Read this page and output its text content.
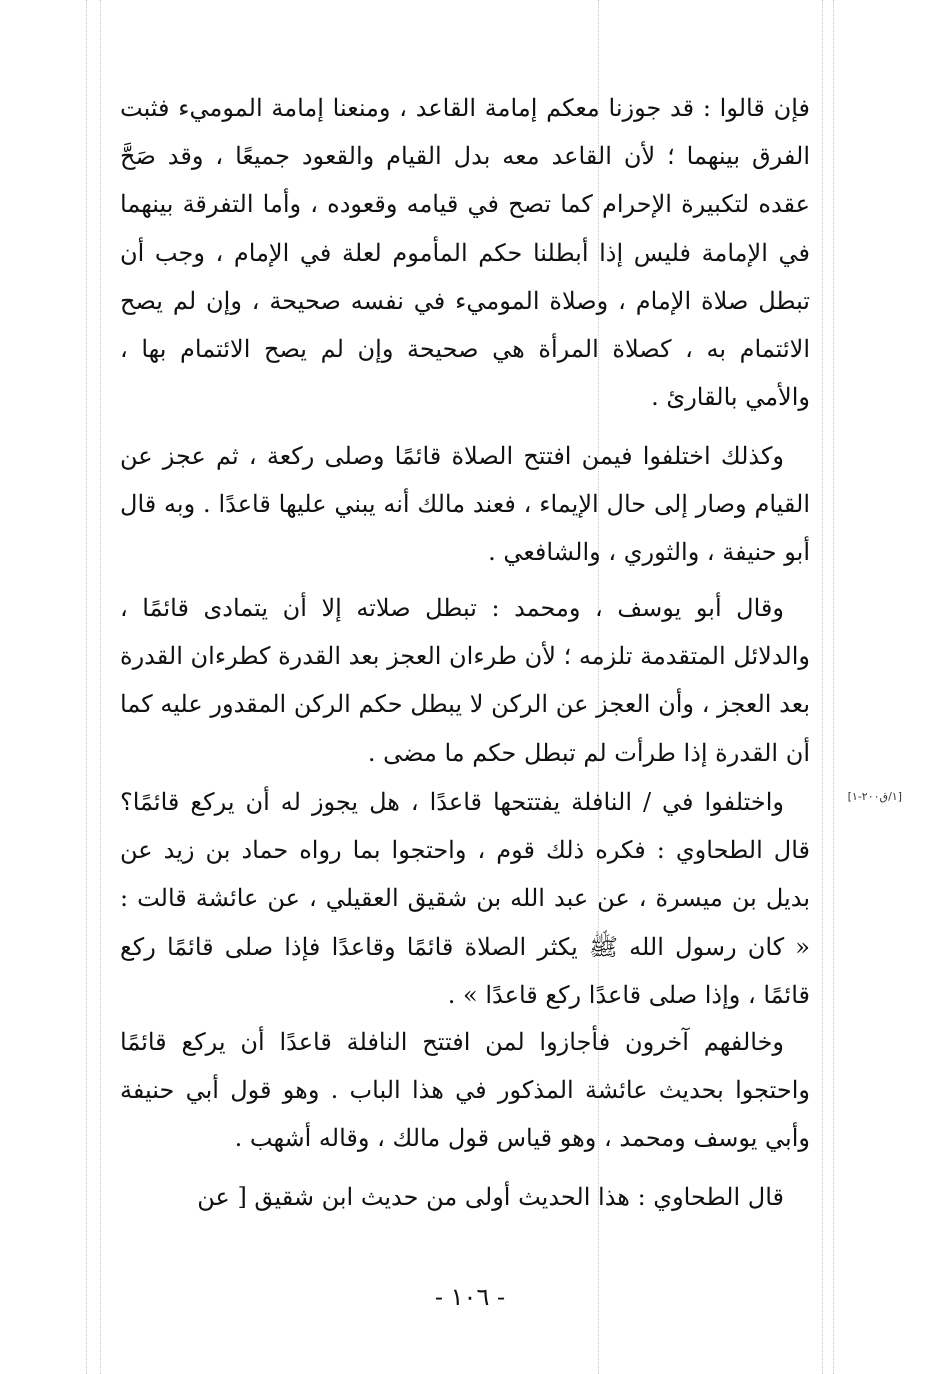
فإن قالوا : قد جوزنا معكم إمامة القاعد ، ومنعنا إمامة الموميء فثبت الفرق بينهما ؛ لأن القاعد معه بدل القيام والقعود جميعًا ، وقد صَحَّ عقده لتكبيرة الإحرام كما تصح في قيامه وقعوده ، وأما التفرقة بينهما في الإمامة فليس إذا أبطلنا حكم المأموم لعلة في الإمام ، وجب أن تبطل صلاة الإمام ، وصلاة الموميء في نفسه صحيحة ، وإن لم يصح الائتمام به ، كصلاة المرأة هي صحيحة وإن لم يصح الائتمام بها ، والأمي بالقارئ .
وكذلك اختلفوا فيمن افتتح الصلاة قائمًا وصلى ركعة ، ثم عجز عن القيام وصار إلى حال الإيماء ، فعند مالك أنه يبني عليها قاعدًا . وبه قال أبو حنيفة ، والثوري ، والشافعي .
وقال أبو يوسف ، ومحمد : تبطل صلاته إلا أن يتمادى قائمًا ، والدلائل المتقدمة تلزمه ؛ لأن طرءان العجز بعد القدرة كطرءان القدرة بعد العجز ، وأن العجز عن الركن لا يبطل حكم الركن المقدور عليه كما أن القدرة إذا طرأت لم تبطل حكم ما مضى .
واختلفوا في / النافلة يفتتحها قاعدًا ، هل يجوز له أن يركع قائمًا؟ قال الطحاوي : فكره ذلك قوم ، واحتجوا بما رواه حماد بن زيد عن بديل بن ميسرة ، عن عبد الله بن شقيق العقيلي ، عن عائشة قالت : « كان رسول الله ﷺ يكثر الصلاة قائمًا وقاعدًا فإذا صلى قائمًا ركع قائمًا ، وإذا صلى قاعدًا ركع قاعدًا » .
[١/ق٢٠٠-١]
وخالفهم آخرون فأجازوا لمن افتتح النافلة قاعدًا أن يركع قائمًا واحتجوا بحديث عائشة المذكور في هذا الباب . وهو قول أبي حنيفة وأبي يوسف ومحمد ، وهو قياس قول مالك ، وقاله أشهب .
قال الطحاوي : هذا الحديث أولى من حديث ابن شقيق [ عن
- ١٠٦ -
